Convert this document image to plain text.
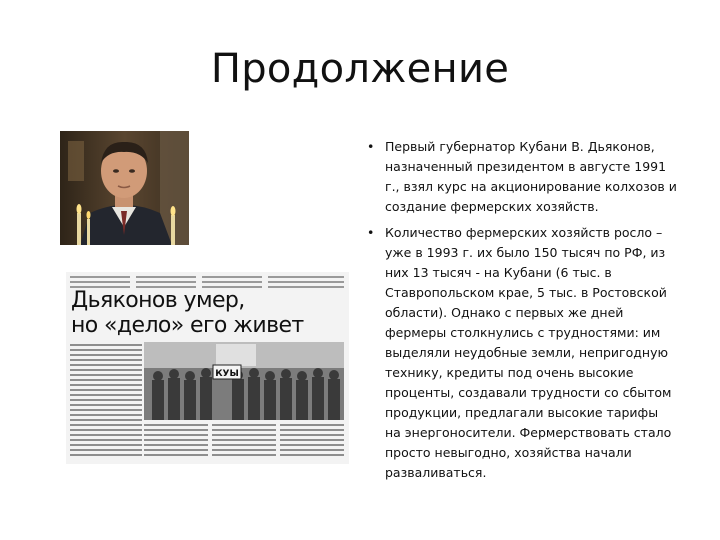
Продолжение
КУЫ
Дьяконов умер,
но «дело» его живет
• Первый губернатор Кубани В. Дьяконов, назначенный президентом в августе 1991 г., взял курс на акционирование колхозов и создание фермерских хозяйств.
• Количество фермерских хозяйств росло – уже в 1993 г. их было 150 тысяч по РФ, из них 13 тысяч - на Кубани (6 тыс. в Ставропольском крае, 5 тыс. в Ростовской области). Однако с первых же дней фермеры столкнулись с трудностями: им выделяли неудобные земли, непригодную технику, кредиты под очень высокие проценты, создавали трудности со сбытом продукции, предлагали высокие тарифы на энергоносители. Фермерствовать стало просто невыгодно, хозяйства начали разваливаться.
